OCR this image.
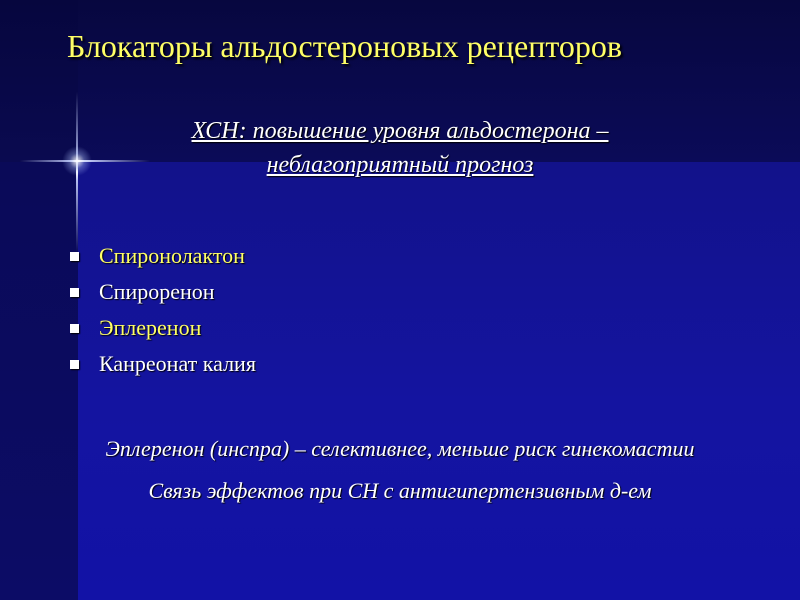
Блокаторы альдостероновых рецепторов
ХСН: повышение уровня альдостерона –
неблагоприятный прогноз
Спиронолактон
Спироренон
Эплеренон
Канреонат калия
Эплеренон (инспра) – селективнее, меньше риск гинекомастии
Связь эффектов при СН с антигипертензивным д-ем
